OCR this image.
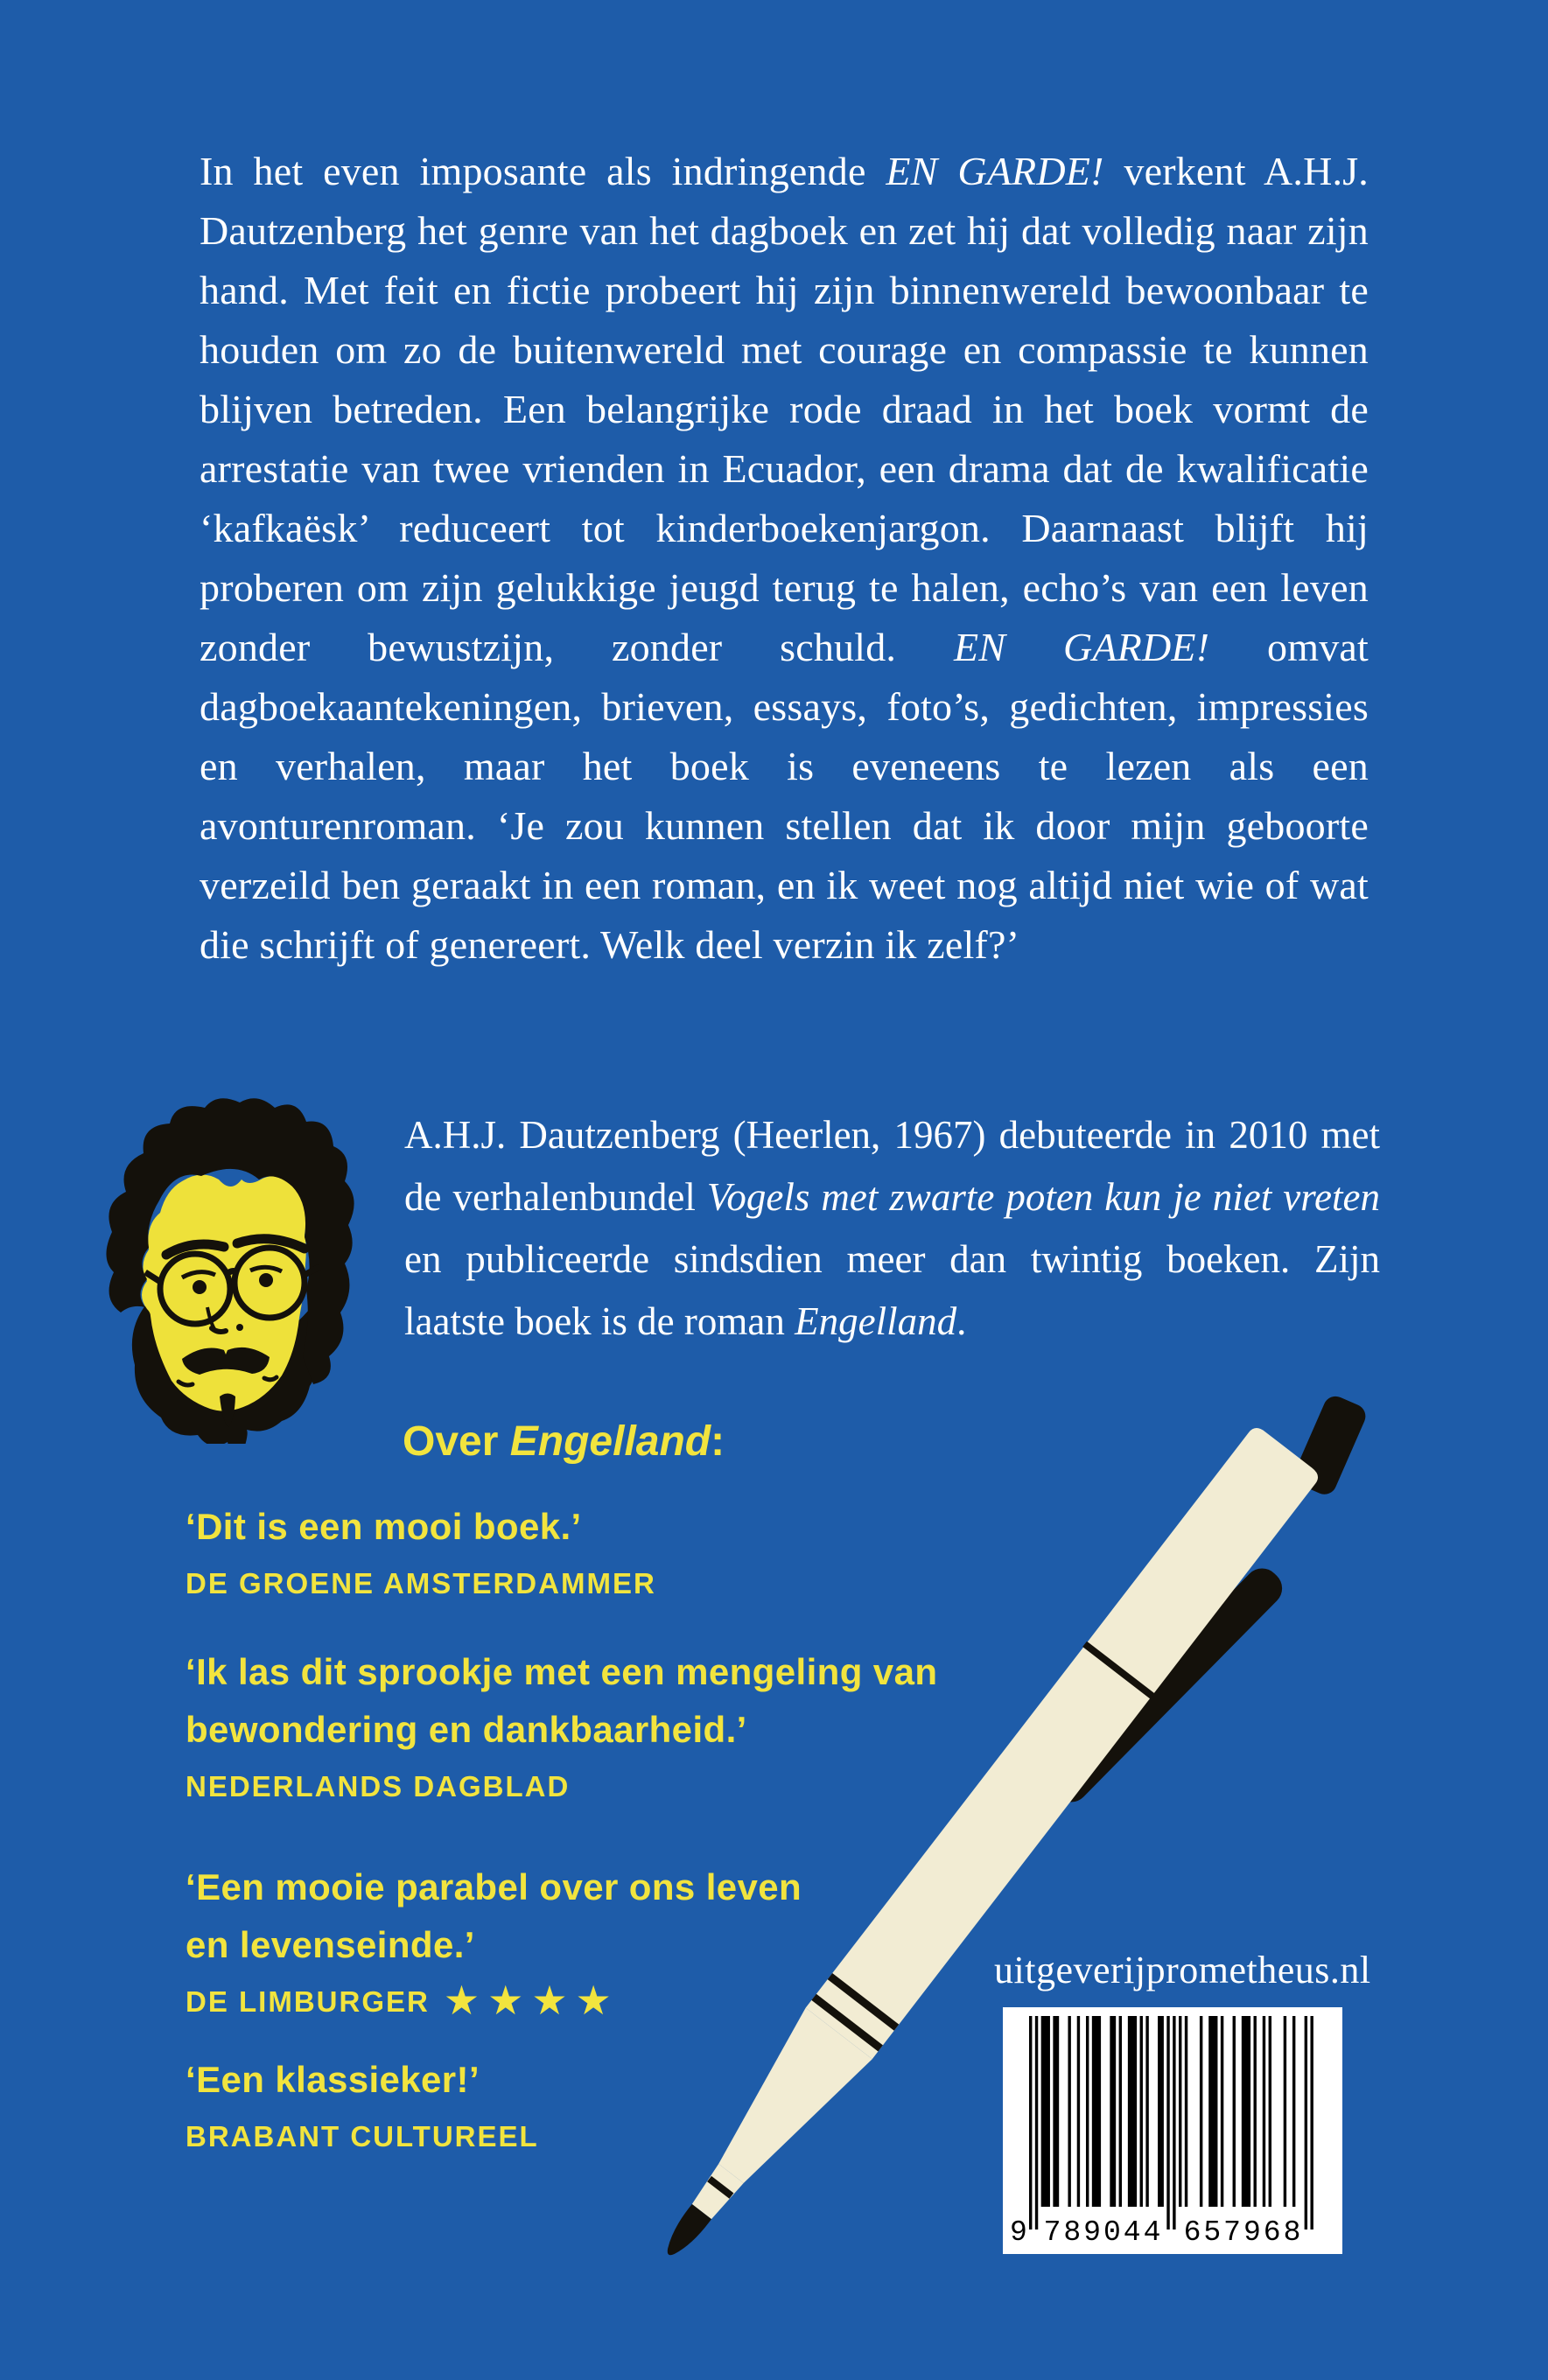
In het even imposante als indringende EN GARDE! verkent A.H.J. Dautzenberg het genre van het dagboek en zet hij dat volledig naar zijn hand. Met feit en fictie probeert hij zijn binnenwereld bewoonbaar te houden om zo de buitenwereld met courage en compassie te kunnen blijven betreden. Een belangrijke rode draad in het boek vormt de arrestatie van twee vrienden in Ecuador, een drama dat de kwalificatie ‘kafkaësk’ reduceert tot kinderboekenjargon. Daarnaast blijft hij proberen om zijn gelukkige jeugd terug te halen, echo’s van een leven zonder bewustzijn, zonder schuld. EN GARDE! omvat dagboekaantekeningen, brieven, essays, foto’s, gedichten, impressies en verhalen, maar het boek is eveneens te lezen als een avonturenroman. ‘Je zou kunnen stellen dat ik door mijn geboorte verzeild ben geraakt in een roman, en ik weet nog altijd niet wie of wat die schrijft of genereert. Welk deel verzin ik zelf?’
A.H.J. Dautzenberg (Heerlen, 1967) debuteerde in 2010 met de verhalenbundel Vogels met zwarte poten kun je niet vreten en publiceerde sindsdien meer dan twintig boeken. Zijn laatste boek is de roman Engelland.
Over Engelland:
‘Dit is een mooi boek.’
DE GROENE AMSTERDAMMER
‘Ik las dit sprookje met een mengeling van
bewondering en dankbaarheid.’
NEDERLANDS DAGBLAD
‘Een mooie parabel over ons leven
en levenseinde.’
DE LIMBURGER ★★★★
‘Een klassieker!’
BRABANT CULTUREEL
uitgeverijprometheus.nl
9 789044 657968
